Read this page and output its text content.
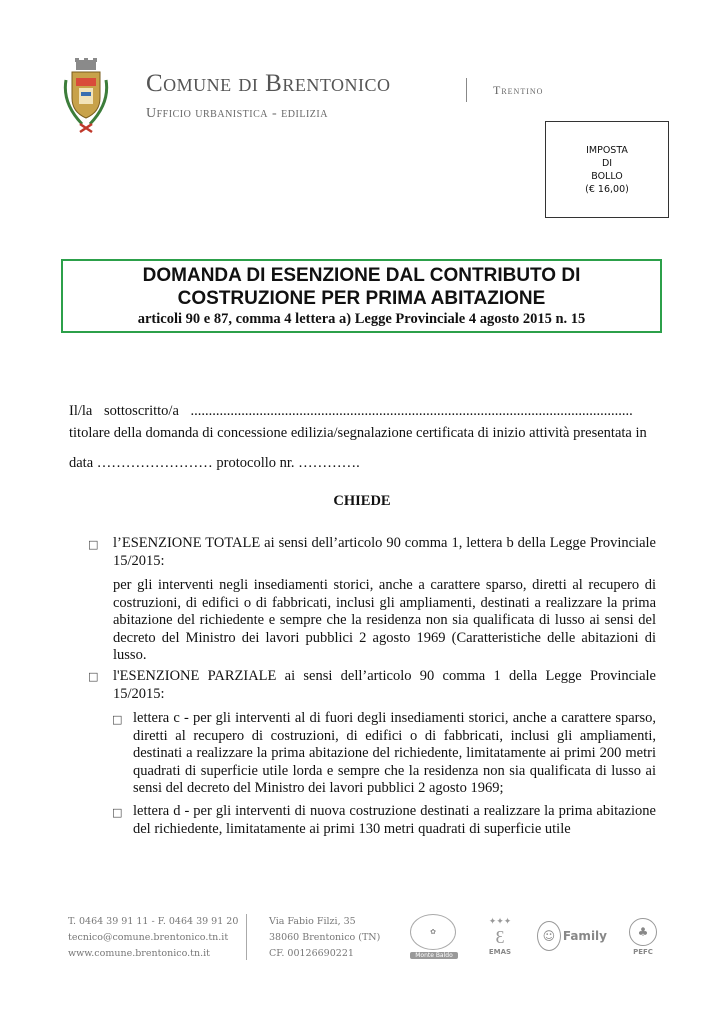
Comune di Brentonico	Trentino
Ufficio urbanistica - edilizia
IMPOSTA
DI
BOLLO
(€ 16,00)
DOMANDA DI ESENZIONE DAL CONTRIBUTO DI
COSTRUZIONE PER PRIMA ABITAZIONE
articoli 90 e 87, comma 4 lettera a) Legge Provinciale 4 agosto 2015 n. 15
Il/la sottoscritto/a ..........................................................................................................................
titolare della domanda di concessione edilizia/segnalazione certificata di inizio attività presentata in
data …………………… protocollo nr. ………….
CHIEDE
□ l’ESENZIONE TOTALE ai sensi dell’articolo 90 comma 1, lettera b della Legge Provinciale 15/2015:
per gli interventi negli insediamenti storici, anche a carattere sparso, diretti al recupero di costruzioni, di edifici o di fabbricati, inclusi gli ampliamenti, destinati a realizzare la prima abitazione del richiedente e sempre che la residenza non sia qualificata di lusso ai sensi del decreto del Ministro dei lavori pubblici 2 agosto 1969 (Caratteristiche delle abitazioni di lusso.
□ l'ESENZIONE PARZIALE ai sensi dell’articolo 90 comma 1 della Legge Provinciale 15/2015:
□ lettera c - per gli interventi al di fuori degli insediamenti storici, anche a carattere sparso, diretti al recupero di costruzioni, di edifici o di fabbricati, inclusi gli ampliamenti, destinati a realizzare la prima abitazione del richiedente, limitatamente ai primi 200 metri quadrati di superficie utile lorda e sempre che la residenza non sia qualificata di lusso ai sensi del decreto del Ministro dei lavori pubblici 2 agosto 1969;
□ lettera d - per gli interventi di nuova costruzione destinati a realizzare la prima abitazione del richiedente, limitatamente ai primi 130 metri quadrati di superficie utile
T. 0464 39 91 11 - F. 0464 39 91 20
tecnico@comune.brentonico.tn.it
www.comune.brentonico.tn.it
Via Fabio Filzi, 35
38060 Brentonico (TN)
CF. 00126690221
✿
Monte Baldo
✦✦✦
Ɛ
EMAS
☺ Family	♣
PEFC
